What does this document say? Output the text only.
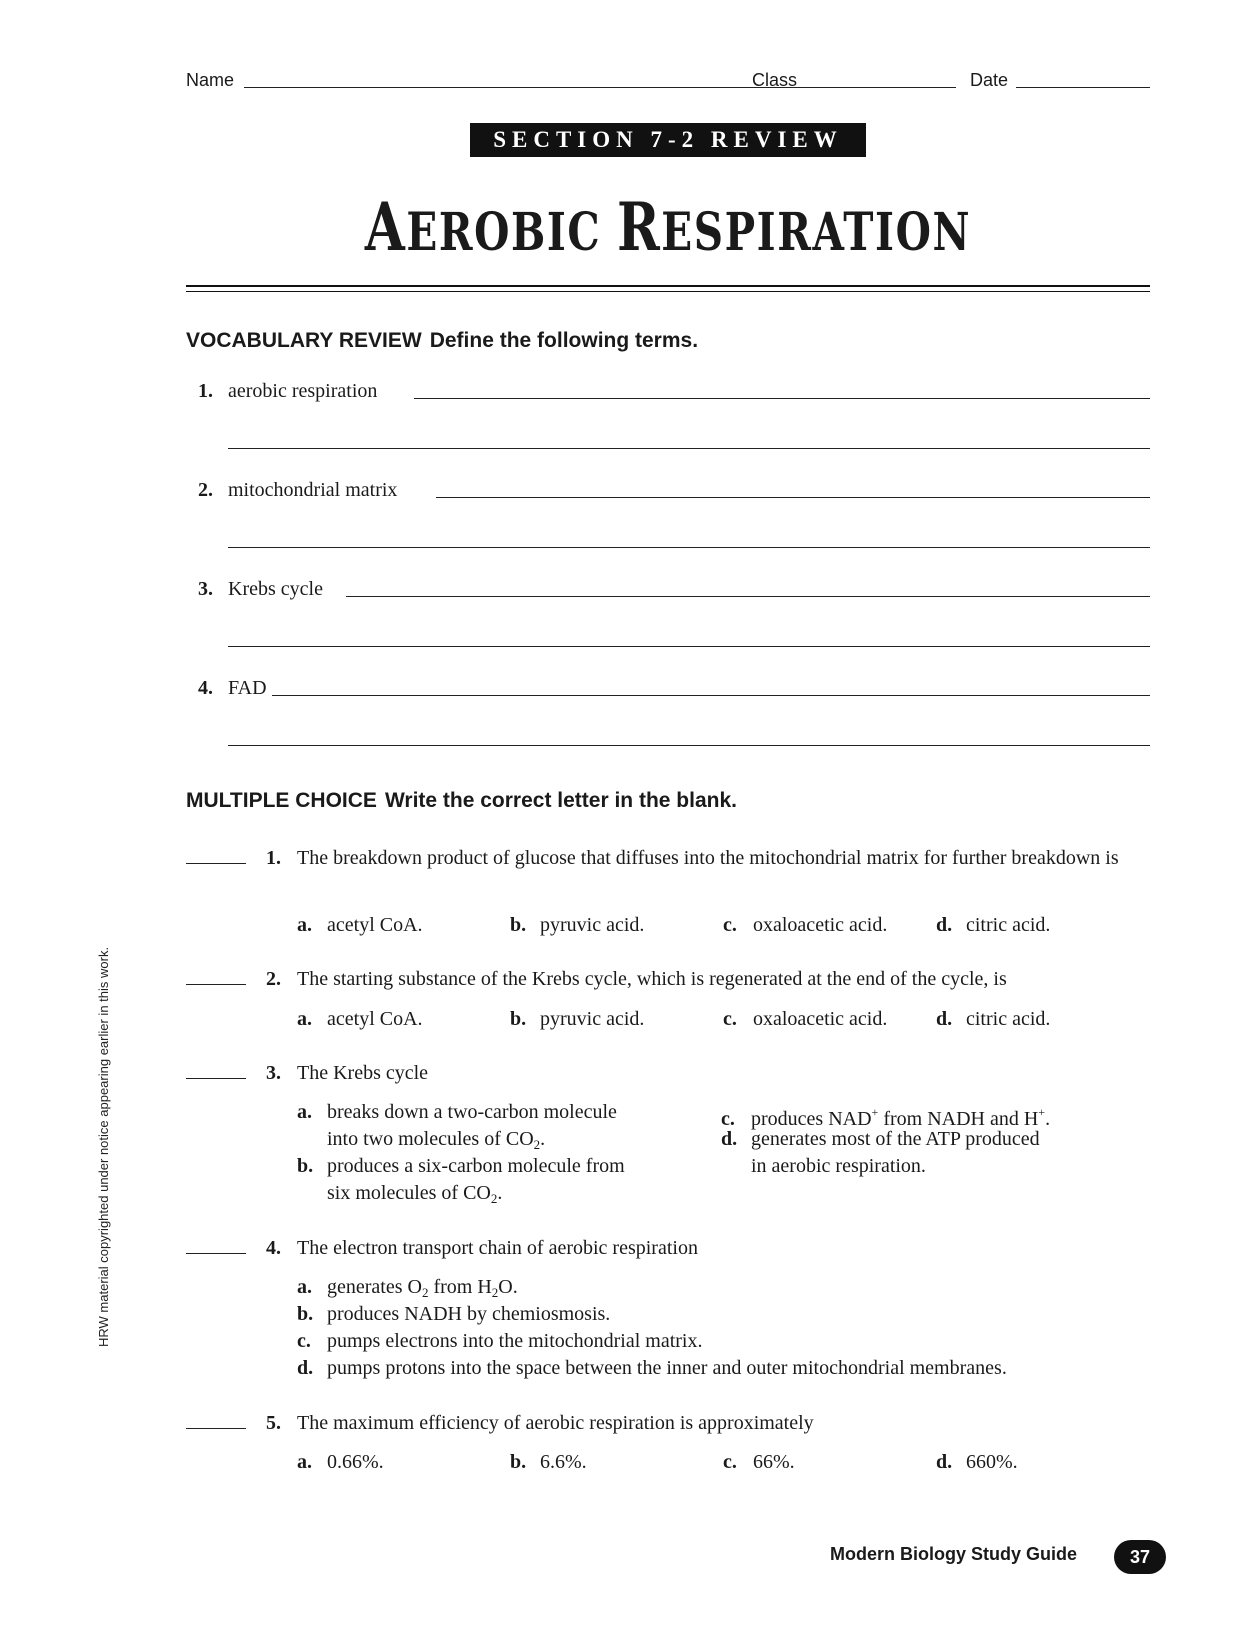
Name	Class	Date
SECTION 7-2 REVIEW
AEROBIC RESPIRATION
VOCABULARY REVIEW Define the following terms.
1. aerobic respiration
2. mitochondrial matrix
3. Krebs cycle
4. FAD
MULTIPLE CHOICE Write the correct letter in the blank.
1. The breakdown product of glucose that diffuses into the mitochondrial matrix for further breakdown is
a. acetyl CoA.	b. pyruvic acid.	c. oxaloacetic acid. d. citric acid.
2. The starting substance of the Krebs cycle, which is regenerated at the end of the cycle, is
a. acetyl CoA.	b. pyruvic acid.	c. oxaloacetic acid. d. citric acid.
3. The Krebs cycle
a. breaks down a two-carbon molecule
into two molecules of $CO_2$.
b. produces a six-carbon molecule from
six molecules of $CO_2$.
c. produces NAD+ from NADH and H+.
d. generates most of the ATP produced
in aerobic respiration.
4. The electron transport chain of aerobic respiration
a. generates $O_2$ from $H_2O$.
b. produces NADH by chemiosmosis.
c. pumps electrons into the mitochondrial matrix.
d. pumps protons into the space between the inner and outer mitochondrial membranes.
5. The maximum efficiency of aerobic respiration is approximately
a. 0.66%.	b. 6.6%.	c. 66%.	d. 660%.
HRW material copyrighted under notice appearing earlier in this work.
Modern Biology Study Guide	37
